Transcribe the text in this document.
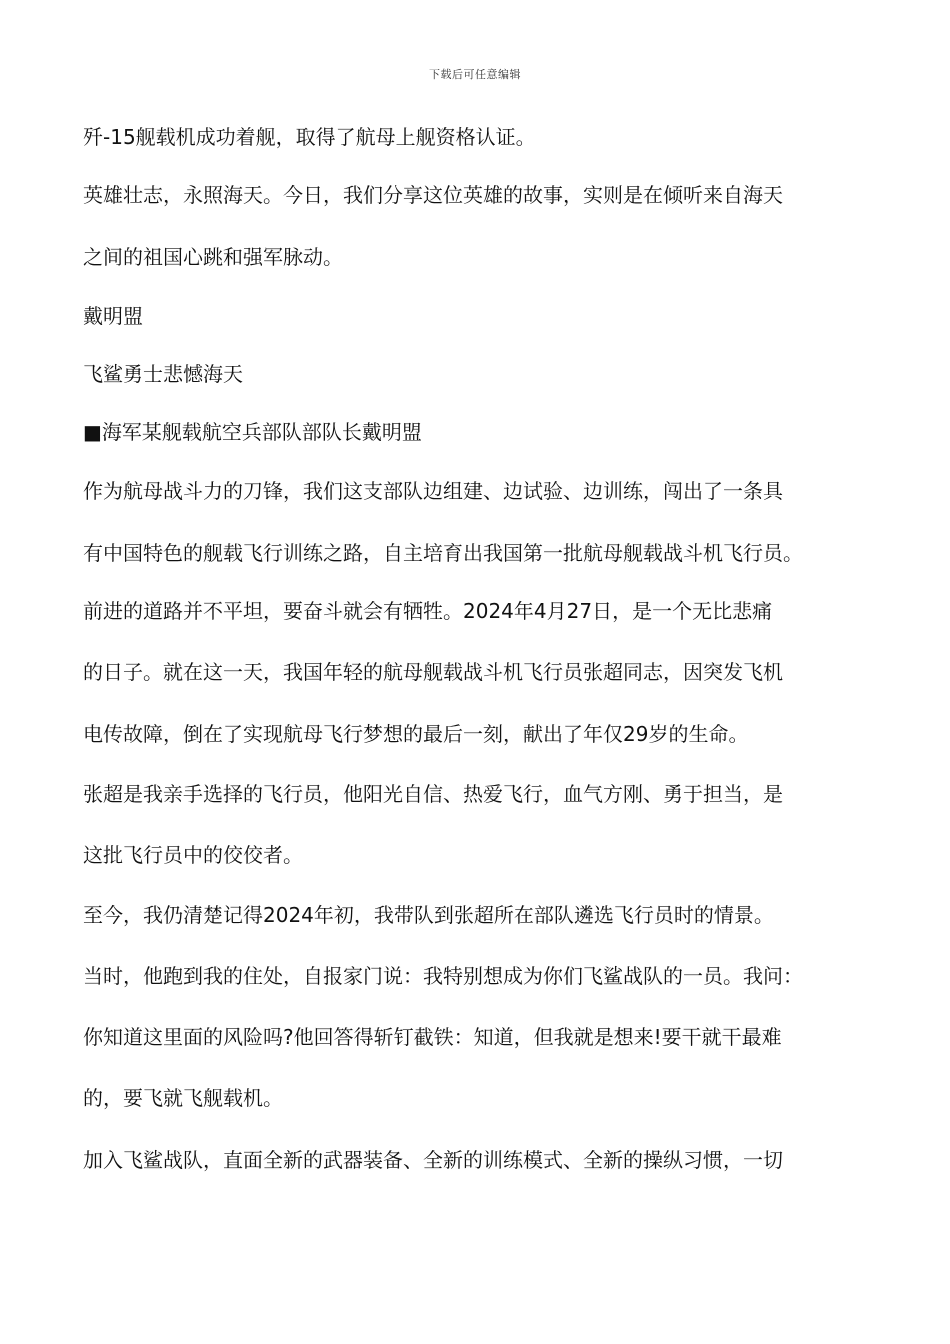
下载后可任意编辑
歼-15舰载机成功着舰，取得了航母上舰资格认证。
英雄壮志，永照海天。今日，我们分享这位英雄的故事，实则是在倾听来自海天
之间的祖国心跳和强军脉动。
戴明盟
飞鲨勇士悲憾海天
■海军某舰载航空兵部队部队长戴明盟
作为航母战斗力的刀锋，我们这支部队边组建、边试验、边训练，闯出了一条具
有中国特色的舰载飞行训练之路，自主培育出我国第一批航母舰载战斗机飞行员。
前进的道路并不平坦，要奋斗就会有牺牲。2024年4月27日，是一个无比悲痛
的日子。就在这一天，我国年轻的航母舰载战斗机飞行员张超同志，因突发飞机
电传故障，倒在了实现航母飞行梦想的最后一刻，献出了年仅29岁的生命。
张超是我亲手选择的飞行员，他阳光自信、热爱飞行，血气方刚、勇于担当，是
这批飞行员中的佼佼者。
至今，我仍清楚记得2024年初，我带队到张超所在部队遴选飞行员时的情景。
当时，他跑到我的住处，自报家门说：我特别想成为你们飞鲨战队的一员。我问：
你知道这里面的风险吗?他回答得斩钉截铁：知道，但我就是想来!要干就干最难
的，要飞就飞舰载机。
加入飞鲨战队，直面全新的武器装备、全新的训练模式、全新的操纵习惯，一切
